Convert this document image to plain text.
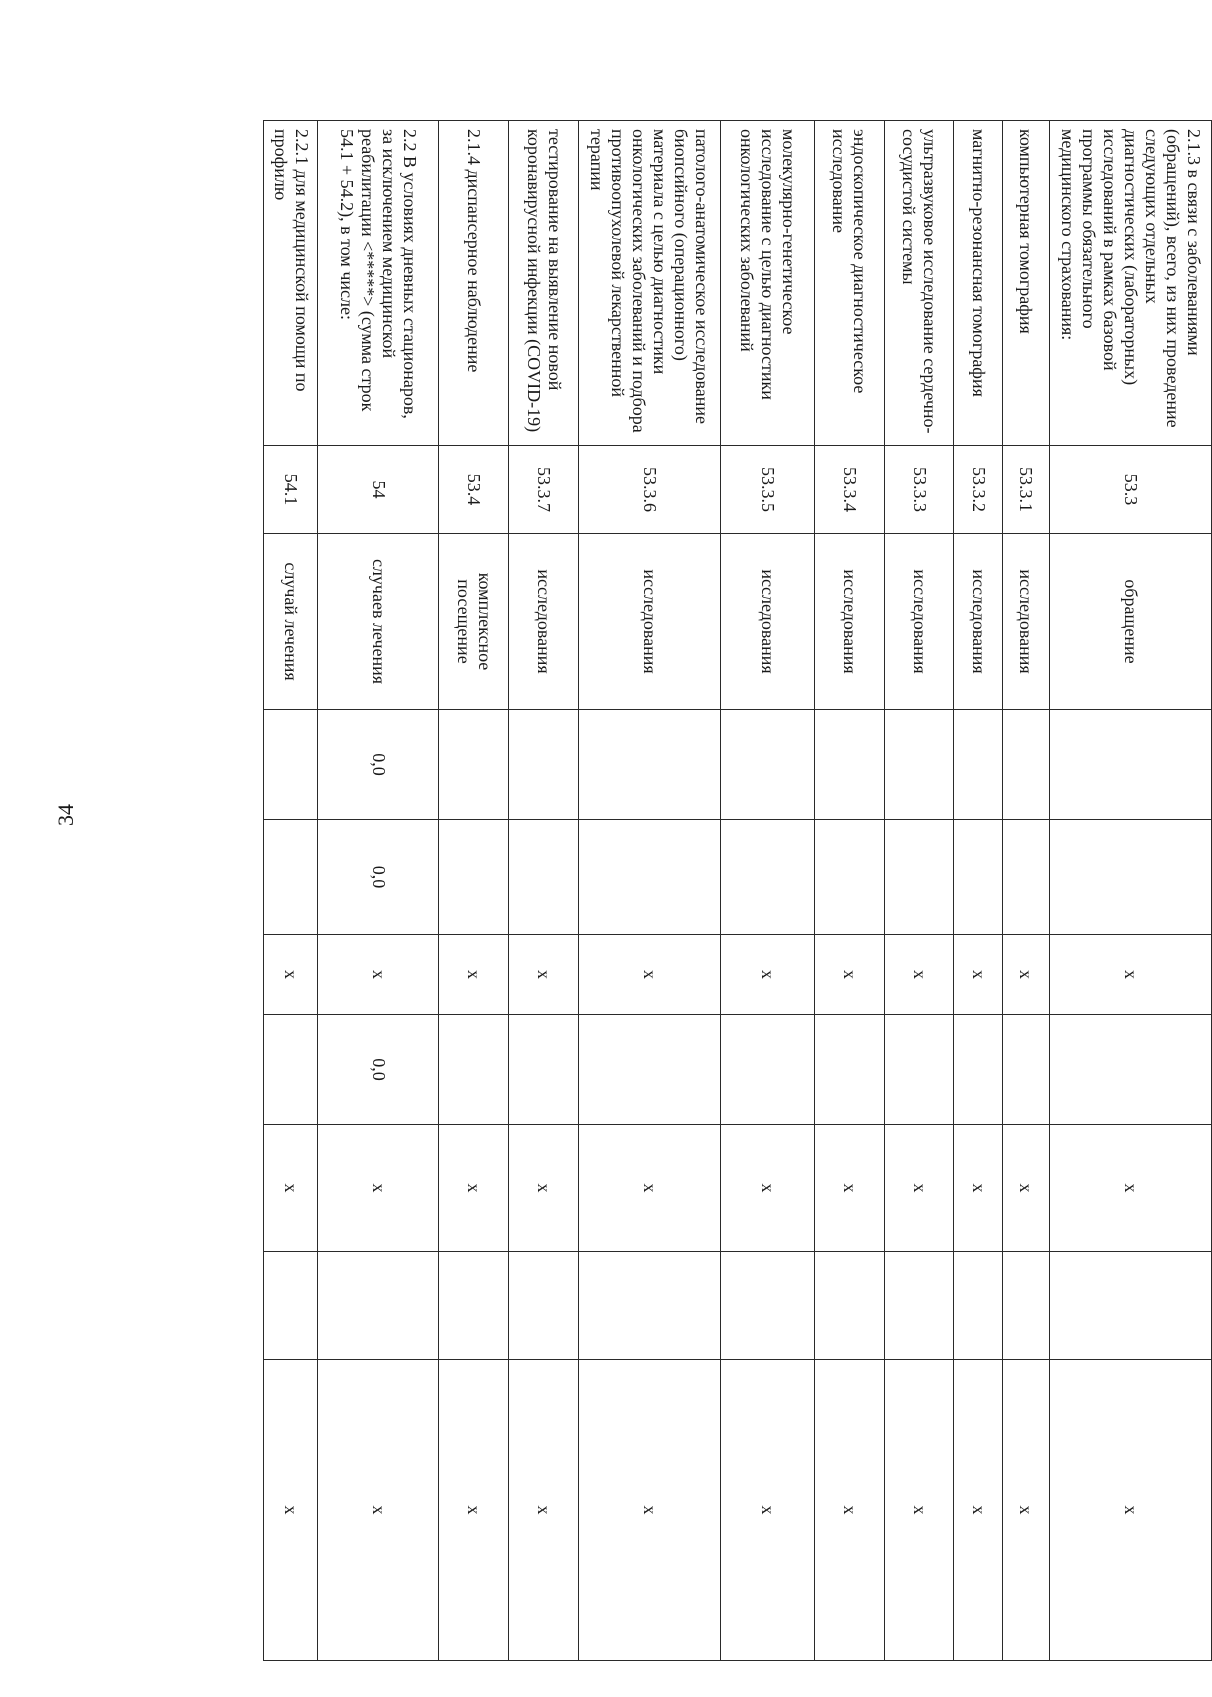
34
2.1.3 в связи с заболеваниями (обращений), всего, из них проведение следующих отдельных диагностических (лабораторных) исследований в рамках базовой программы обязательного медицинского страхования:	53.3	обращение			х		х		х
компьютерная томография	53.3.1	исследования			х		х		х
магнитно-резонансная томография	53.3.2	исследования			х		х		х
ультразвуковое исследование сердечно-сосудистой системы	53.3.3	исследования			х		х		х
эндоскопическое диагностическое исследование	53.3.4	исследования			х		х		х
молекулярно-генетическое исследование с целью диагностики онкологических заболеваний	53.3.5	исследования			х		х		х
патолого-анатомическое исследование биопсийного (операционного) материала с целью диагностики онкологических заболеваний и подбора противоопухолевой лекарственной терапии	53.3.6	исследования			х		х		х
тестирование на выявление новой коронавирусной инфекции (COVID-19)	53.3.7	исследования			х		х		х
2.1.4 диспансерное наблюдение	53.4	комплексное посещение			х		х		х
2.2 В условиях дневных стационаров, за исключением медицинской реабилитации <*****> (сумма строк 54.1 + 54.2), в том числе:	54	случаев лечения	0,0	0,0	х	0,0	х		х
2.2.1 для медицинской помощи по профилю	54.1	случай лечения			х		х		х
